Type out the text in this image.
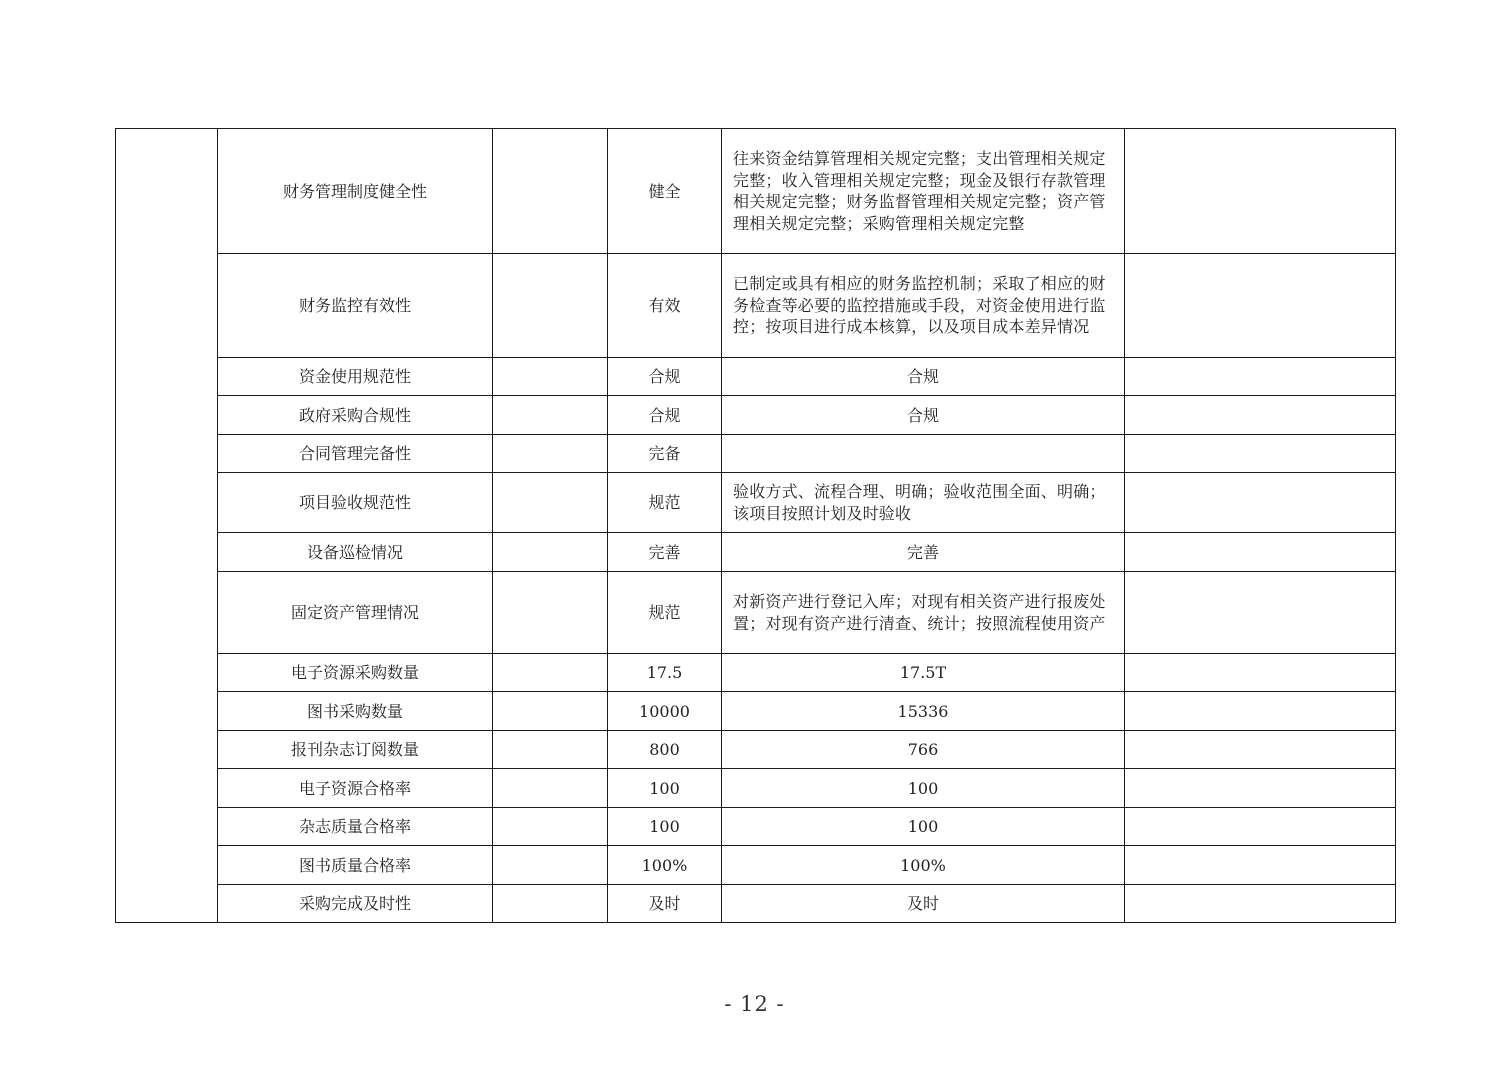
	财务管理制度健全性		健全	往来资金结算管理相关规定完整；支出管理相关规定完整；收入管理相关规定完整；现金及银行存款管理相关规定完整；财务监督管理相关规定完整；资产管理相关规定完整；采购管理相关规定完整	
	财务监控有效性		有效	已制定或具有相应的财务监控机制；采取了相应的财务检查等必要的监控措施或手段，对资金使用进行监控；按项目进行成本核算，以及项目成本差异情况	
	资金使用规范性		合规	合规	
	政府采购合规性		合规	合规	
	合同管理完备性		完备		
	项目验收规范性		规范	验收方式、流程合理、明确；验收范围全面、明确；该项目按照计划及时验收	
	设备巡检情况		完善	完善	
	固定资产管理情况		规范	对新资产进行登记入库；对现有相关资产进行报废处置；对现有资产进行清查、统计；按照流程使用资产	
	电子资源采购数量		17.5	17.5T	
	图书采购数量		10000	15336	
	报刊杂志订阅数量		800	766	
	电子资源合格率		100	100	
	杂志质量合格率		100	100	
	图书质量合格率		100%	100%	
	采购完成及时性		及时	及时	
- 12 -
